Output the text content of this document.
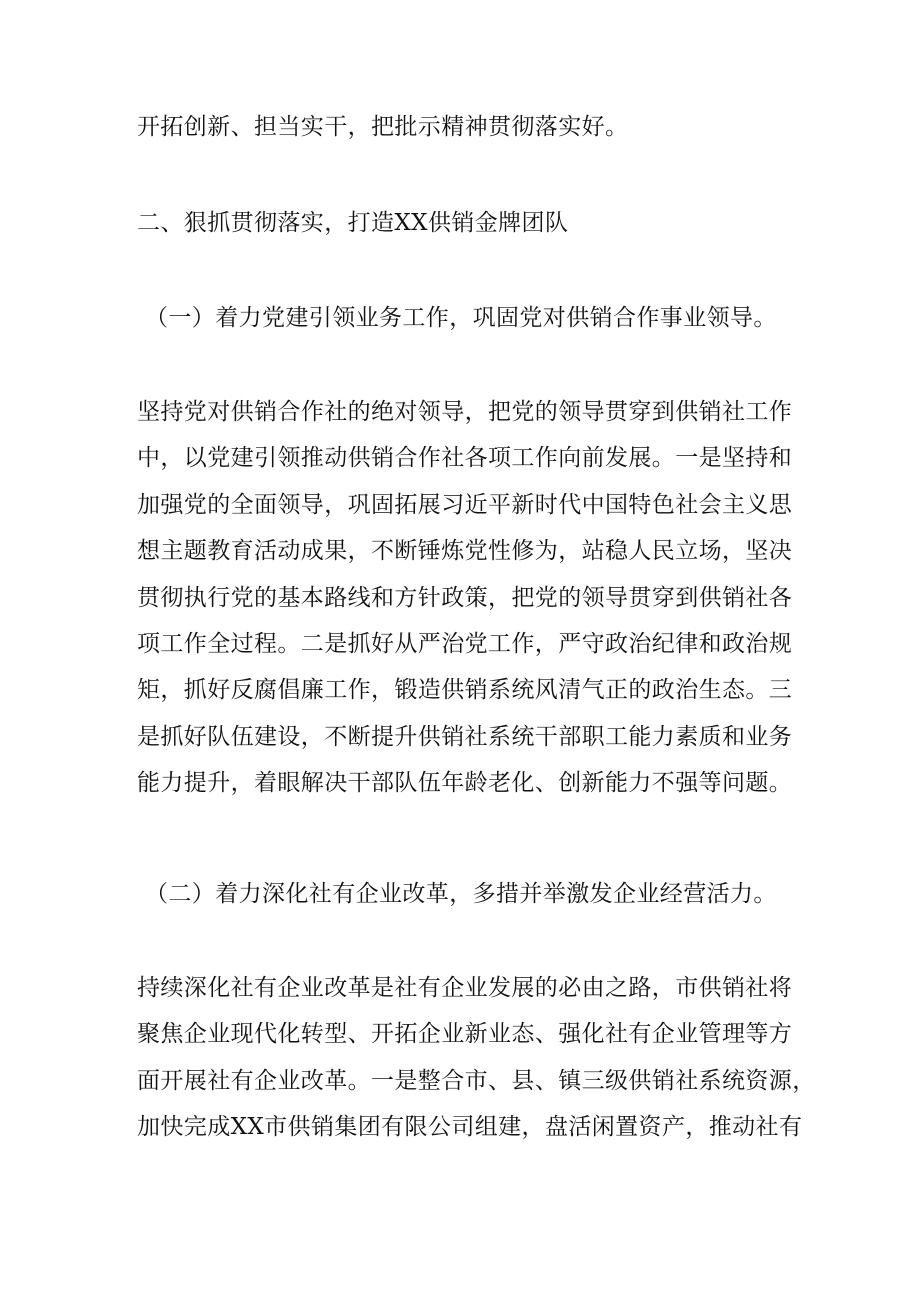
开拓创新、担当实干，把批示精神贯彻落实好。
二、狠抓贯彻落实，打造XX供销金牌团队
（一）着力党建引领业务工作，巩固党对供销合作事业领导。
坚持党对供销合作社的绝对领导，把党的领导贯穿到供销社工作
中，以党建引领推动供销合作社各项工作向前发展。一是坚持和
加强党的全面领导，巩固拓展习近平新时代中国特色社会主义思
想主题教育活动成果，不断锤炼党性修为，站稳人民立场，坚决
贯彻执行党的基本路线和方针政策，把党的领导贯穿到供销社各
项工作全过程。二是抓好从严治党工作，严守政治纪律和政治规
矩，抓好反腐倡廉工作，锻造供销系统风清气正的政治生态。三
是抓好队伍建设，不断提升供销社系统干部职工能力素质和业务
能力提升，着眼解决干部队伍年龄老化、创新能力不强等问题。
（二）着力深化社有企业改革，多措并举激发企业经营活力。
持续深化社有企业改革是社有企业发展的必由之路，市供销社将
聚焦企业现代化转型、开拓企业新业态、强化社有企业管理等方
面开展社有企业改革。一是整合市、县、镇三级供销社系统资源，
加快完成XX市供销集团有限公司组建，盘活闲置资产，推动社有
